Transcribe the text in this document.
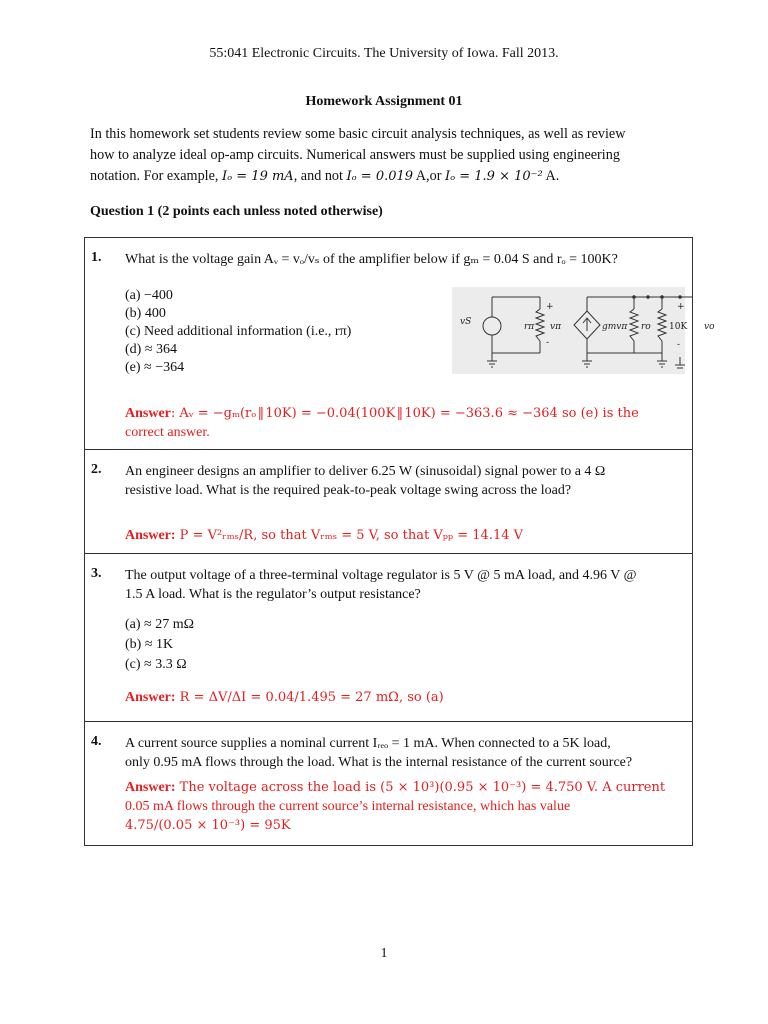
55:041 Electronic Circuits. The University of Iowa. Fall 2013.
Homework Assignment 01
In this homework set students review some basic circuit analysis techniques, as well as review
how to analyze ideal op-amp circuits. Numerical answers must be supplied using engineering
notation. For example, Iₒ = 19 mA, and not Iₒ = 0.019 A,or Iₒ = 1.9 × 10⁻² A.
Question 1 (2 points each unless noted otherwise)
1. What is the voltage gain Aᵥ = vₒ/vₛ of the amplifier below if gₘ = 0.04 S and rₒ = 100K?
(a) −400
(b) 400
(c) Need additional information (i.e., rπ)
(d) ≈ 364
(e) ≈ −364
vS	rπ vπ	gmvπ ro 10K vo
+
-
+
-
Answer: Aᵥ = −gₘ(rₒ ‖ 10K) = −0.04(100K ‖ 10K) = −363.6 ≈ −364 so (e) is the
correct answer.
2. An engineer designs an amplifier to deliver 6.25 W (sinusoidal) signal power to a 4 Ω
resistive load. What is the required peak-to-peak voltage swing across the load?
Answer: P = V²ᵣₘₛ/R, so that Vᵣₘₛ = 5 V, so that Vₚₚ = 14.14 V
3. The output voltage of a three-terminal voltage regulator is 5 V @ 5 mA load, and 4.96 V @
1.5 A load. What is the regulator’s output resistance?
(a) ≈ 27 mΩ
(b) ≈ 1K
(c) ≈ 3.3 Ω
Answer: R = ΔV/ΔI = 0.04/1.495 = 27 mΩ, so (a)
4. A current source supplies a nominal current Iᵣₑₒ = 1 mA. When connected to a 5K load,
only 0.95 mA flows through the load. What is the internal resistance of the current source?
Answer: The voltage across the load is (5 × 10³)(0.95 × 10⁻³) = 4.750 V. A current
0.05 mA flows through the current source’s internal resistance, which has value
4.75/(0.05 × 10⁻³) = 95K
1
